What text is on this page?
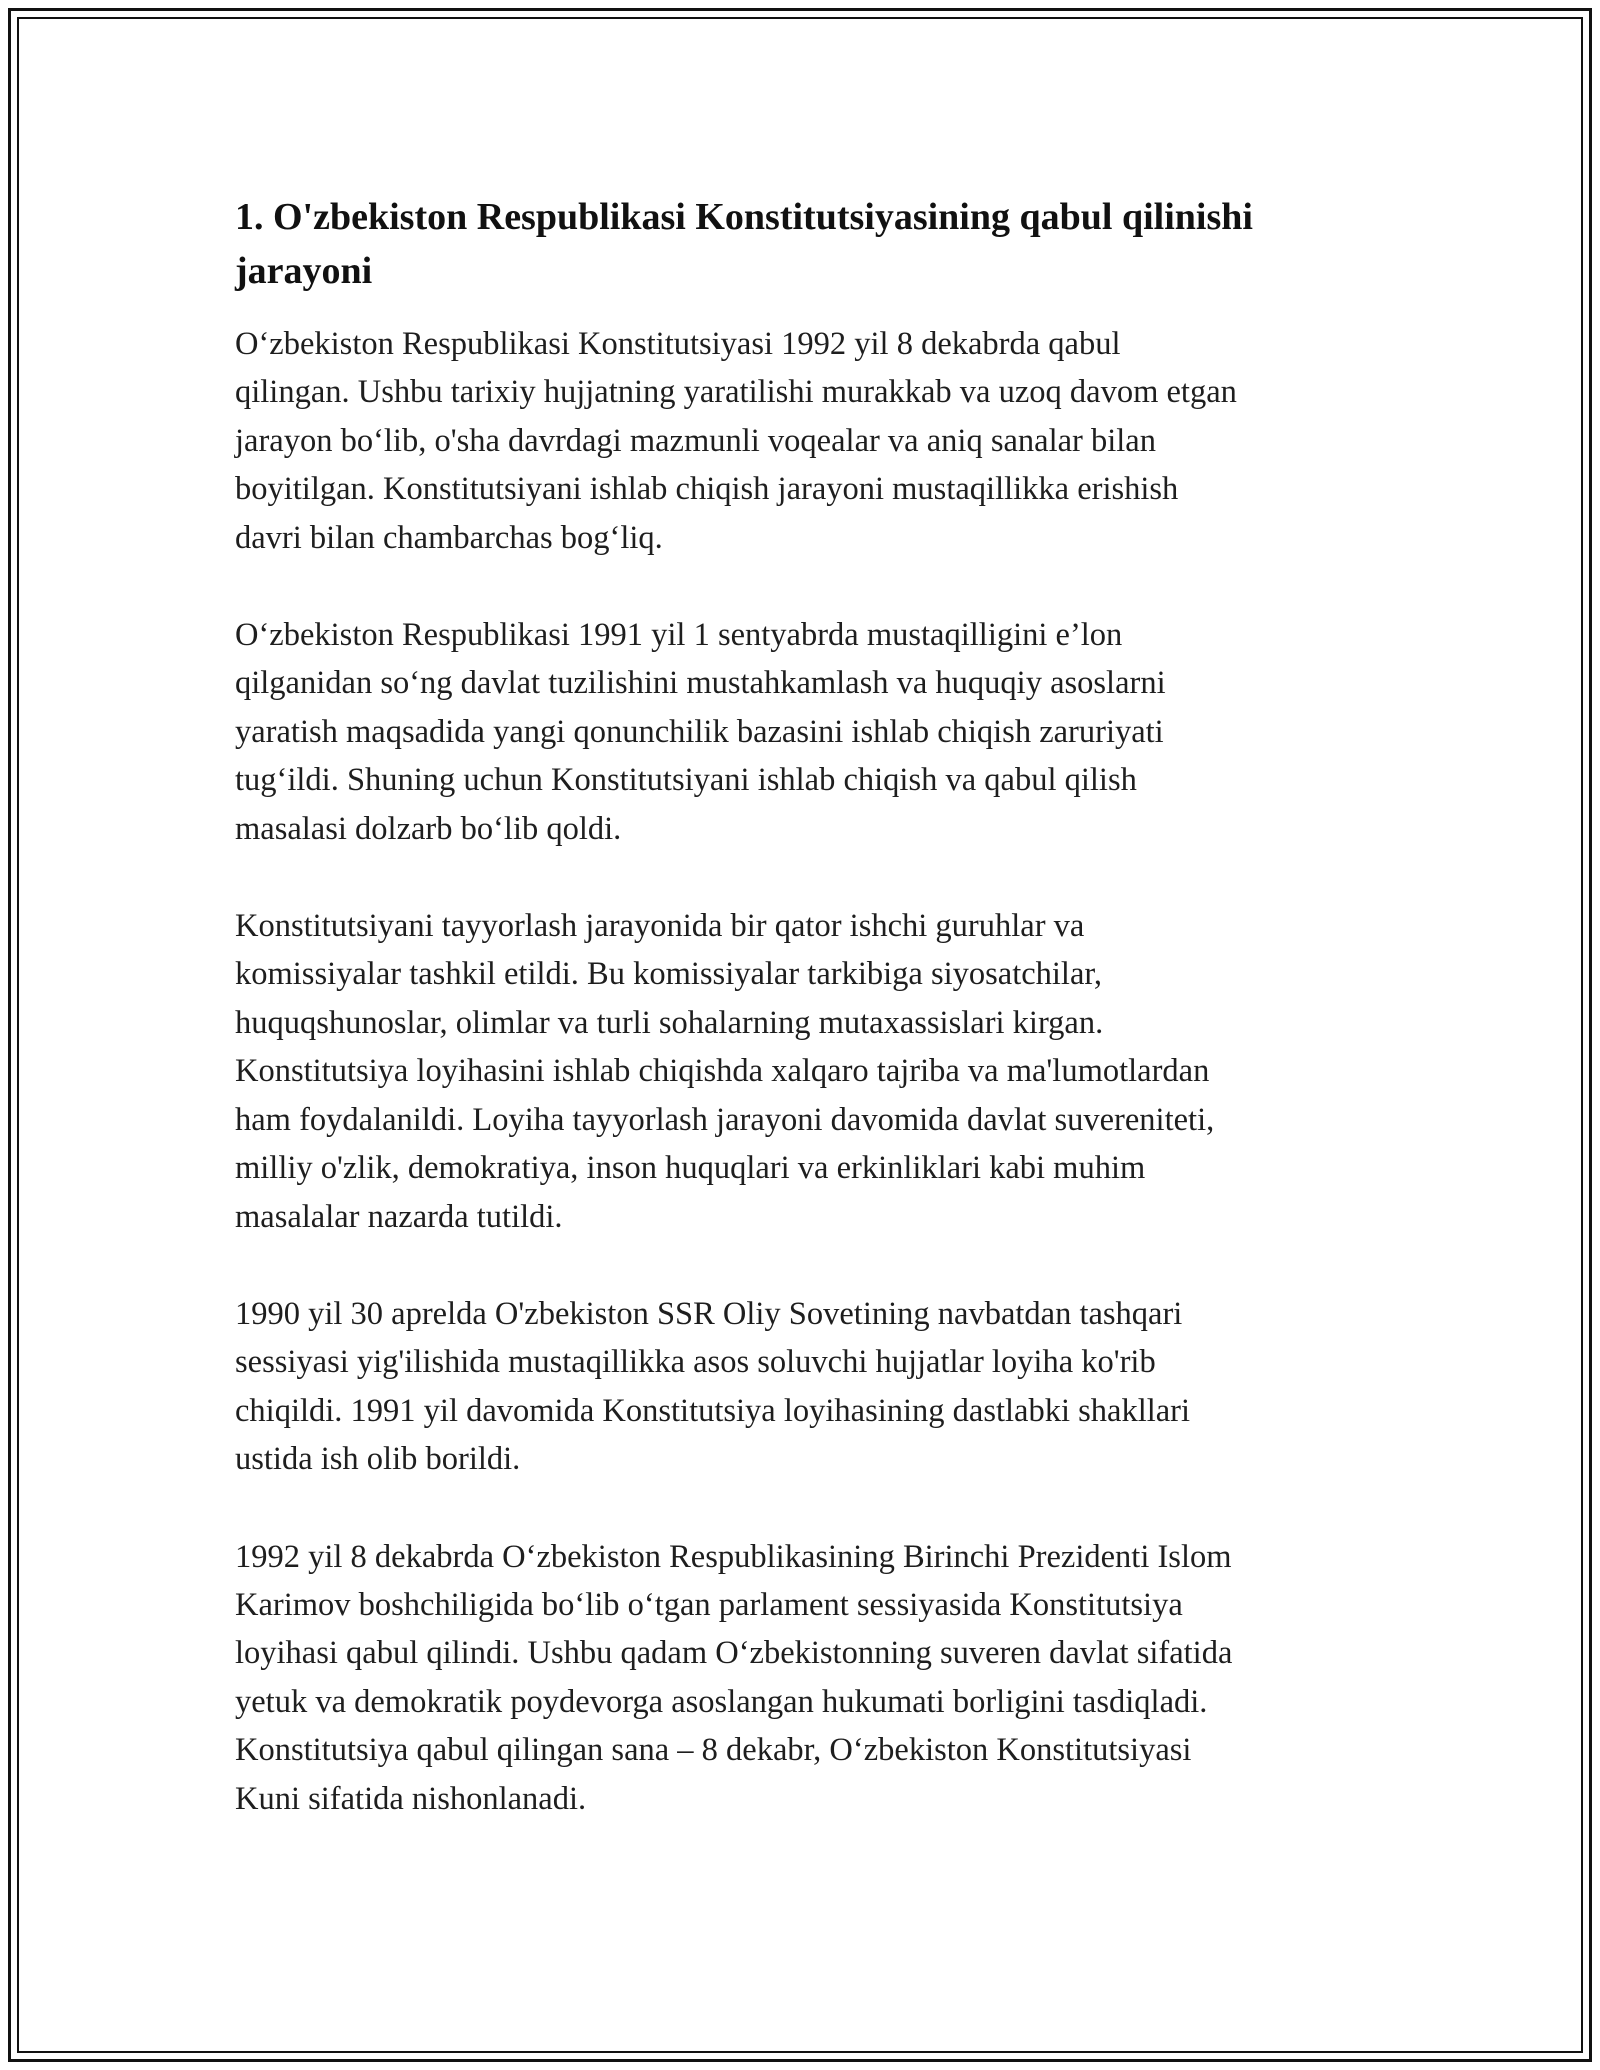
1. O'zbekiston Respublikasi Konstitutsiyasining qabul qilinishi
jarayoni

O‘zbekiston Respublikasi Konstitutsiyasi 1992 yil 8 dekabrda qabul
qilingan. Ushbu tarixiy hujjatning yaratilishi murakkab va uzoq davom etgan
jarayon bo‘lib, o'sha davrdagi mazmunli voqealar va aniq sanalar bilan
boyitilgan. Konstitutsiyani ishlab chiqish jarayoni mustaqillikka erishish
davri bilan chambarchas bog‘liq.

O‘zbekiston Respublikasi 1991 yil 1 sentyabrda mustaqilligini e’lon
qilganidan so‘ng davlat tuzilishini mustahkamlash va huquqiy asoslarni
yaratish maqsadida yangi qonunchilik bazasini ishlab chiqish zaruriyati
tug‘ildi. Shuning uchun Konstitutsiyani ishlab chiqish va qabul qilish
masalasi dolzarb bo‘lib qoldi.

Konstitutsiyani tayyorlash jarayonida bir qator ishchi guruhlar va
komissiyalar tashkil etildi. Bu komissiyalar tarkibiga siyosatchilar,
huquqshunoslar, olimlar va turli sohalarning mutaxassislari kirgan.
Konstitutsiya loyihasini ishlab chiqishda xalqaro tajriba va ma'lumotlardan
ham foydalanildi. Loyiha tayyorlash jarayoni davomida davlat suvereniteti,
milliy o'zlik, demokratiya, inson huquqlari va erkinliklari kabi muhim
masalalar nazarda tutildi.

1990 yil 30 aprelda O'zbekiston SSR Oliy Sovetining navbatdan tashqari
sessiyasi yig'ilishida mustaqillikka asos soluvchi hujjatlar loyiha ko'rib
chiqildi. 1991 yil davomida Konstitutsiya loyihasining dastlabki shakllari
ustida ish olib borildi.

1992 yil 8 dekabrda O‘zbekiston Respublikasining Birinchi Prezidenti Islom
Karimov boshchiligida bo‘lib o‘tgan parlament sessiyasida Konstitutsiya
loyihasi qabul qilindi. Ushbu qadam O‘zbekistonning suveren davlat sifatida
yetuk va demokratik poydevorga asoslangan hukumati borligini tasdiqladi.
Konstitutsiya qabul qilingan sana – 8 dekabr, O‘zbekiston Konstitutsiyasi
Kuni sifatida nishonlanadi.
